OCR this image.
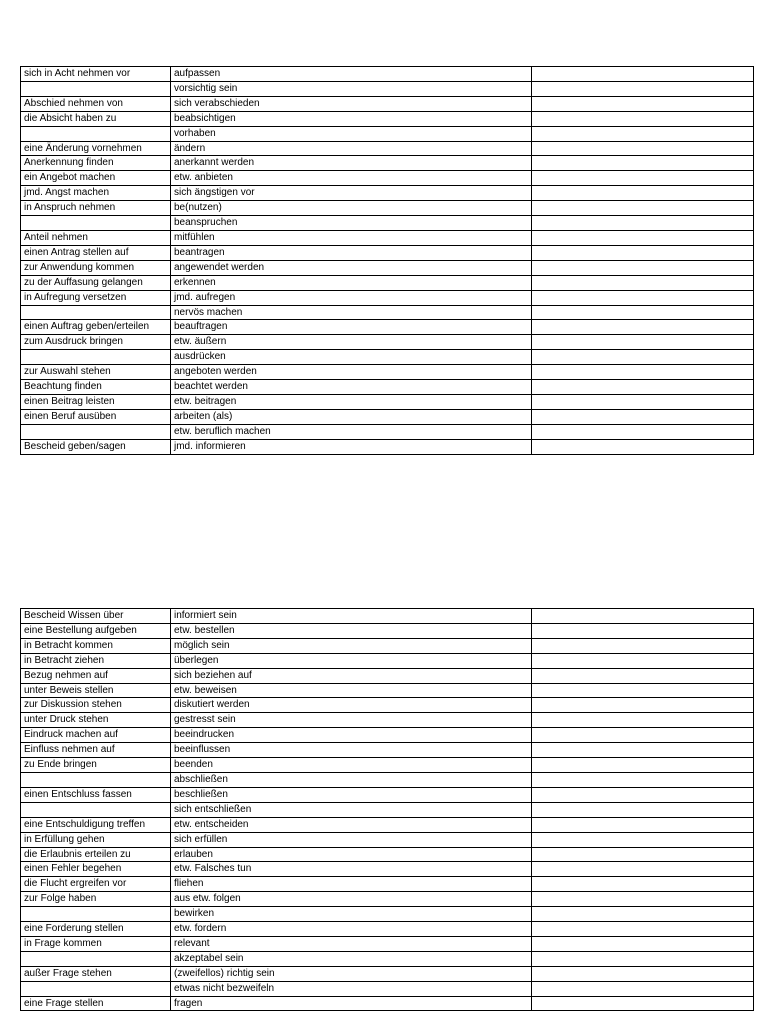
sich in Acht nehmen vor	aufpassen	
	vorsichtig sein	
Abschied nehmen von	sich verabschieden	
die Absicht haben zu	beabsichtigen	
	vorhaben	
eine Änderung vornehmen	ändern	
Anerkennung finden	anerkannt werden	
ein Angebot machen	etw. anbieten	
jmd. Angst machen	sich ängstigen vor	
in Anspruch nehmen	be(nutzen)	
	beanspruchen	
Anteil nehmen	mitfühlen	
einen Antrag stellen auf	beantragen	
zur Anwendung kommen	angewendet werden	
zu der Auffasung gelangen	erkennen	
in Aufregung versetzen	jmd. aufregen	
	nervös machen	
einen Auftrag geben/erteilen	beauftragen	
zum Ausdruck bringen	etw. äußern	
	ausdrücken	
zur Auswahl stehen	angeboten werden	
Beachtung finden	beachtet werden	
einen Beitrag leisten	etw. beitragen	
einen Beruf ausüben	arbeiten (als)	
	etw. beruflich machen	
Bescheid geben/sagen	jmd. informieren	
Bescheid Wissen über	informiert sein	
eine Bestellung aufgeben	etw. bestellen	
in Betracht kommen	möglich sein	
in Betracht ziehen	überlegen	
Bezug nehmen auf	sich beziehen auf	
unter Beweis stellen	etw. beweisen	
zur Diskussion stehen	diskutiert werden	
unter Druck stehen	gestresst sein	
Eindruck machen auf	beeindrucken	
Einfluss nehmen auf	beeinflussen	
zu Ende bringen	beenden	
	abschließen	
einen Entschluss fassen	beschließen	
	sich entschließen	
eine Entschuldigung treffen	etw. entscheiden	
in Erfüllung gehen	sich erfüllen	
die Erlaubnis erteilen zu	erlauben	
einen Fehler begehen	etw. Falsches tun	
die Flucht ergreifen vor	fliehen	
zur Folge haben	aus etw. folgen	
	bewirken	
eine Forderung stellen	etw. fordern	
in Frage kommen	relevant	
	akzeptabel sein	
außer Frage stehen	(zweifellos) richtig sein	
	etwas nicht bezweifeln	
eine Frage stellen	fragen	
